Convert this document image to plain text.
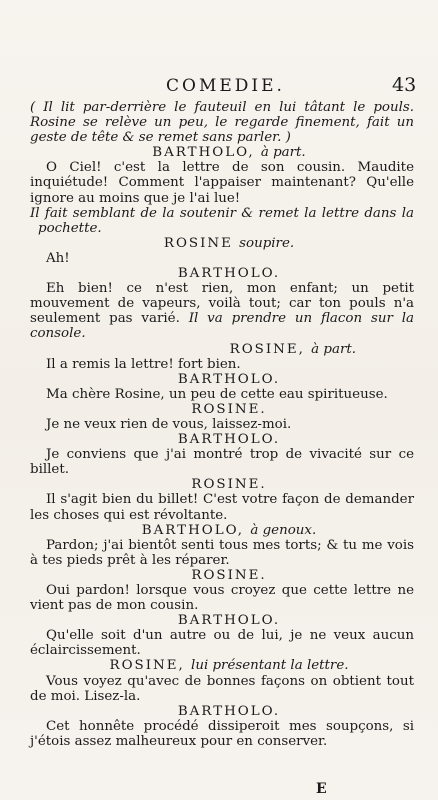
COMEDIE.	43

( Il lit par-derrière le fauteuil en lui tâtant le pouls. Rosine se relève un peu, le regarde finement, fait un geste de tête & se remet sans parler. )

BARTHOLO, à part.

O Ciel! c'est la lettre de son cousin. Maudite inquiétude! Comment l'appaiser maintenant? Qu'elle ignore au moins que je l'ai lue!

Il fait semblant de la soutenir & remet la lettre dans la pochette.

ROSINE soupire.

Ah!

BARTHOLO.

Eh bien! ce n'est rien, mon enfant; un petit mouvement de vapeurs, voilà tout; car ton pouls n'a seulement pas varié. Il va prendre un flacon sur la console.

ROSINE, à part.

Il a remis la lettre! fort bien.

BARTHOLO.

Ma chère Rosine, un peu de cette eau spiritueuse.

ROSINE.

Je ne veux rien de vous, laissez-moi.

BARTHOLO.

Je conviens que j'ai montré trop de vivacité sur ce billet.

ROSINE.

Il s'agit bien du billet! C'est votre façon de demander les choses qui est révoltante.

BARTHOLO, à genoux.

Pardon; j'ai bientôt senti tous mes torts; & tu me vois à tes pieds prêt à les réparer.

ROSINE.

Oui pardon! lorsque vous croyez que cette lettre ne vient pas de mon cousin.

BARTHOLO.

Qu'elle soit d'un autre ou de lui, je ne veux aucun éclaircissement.

ROSINE, lui présentant la lettre.

Vous voyez qu'avec de bonnes façons on obtient tout de moi. Lisez-la.

BARTHOLO.

Cet honnête procédé dissiperoit mes soupçons, si j'étois assez malheureux pour en conserver.

E
